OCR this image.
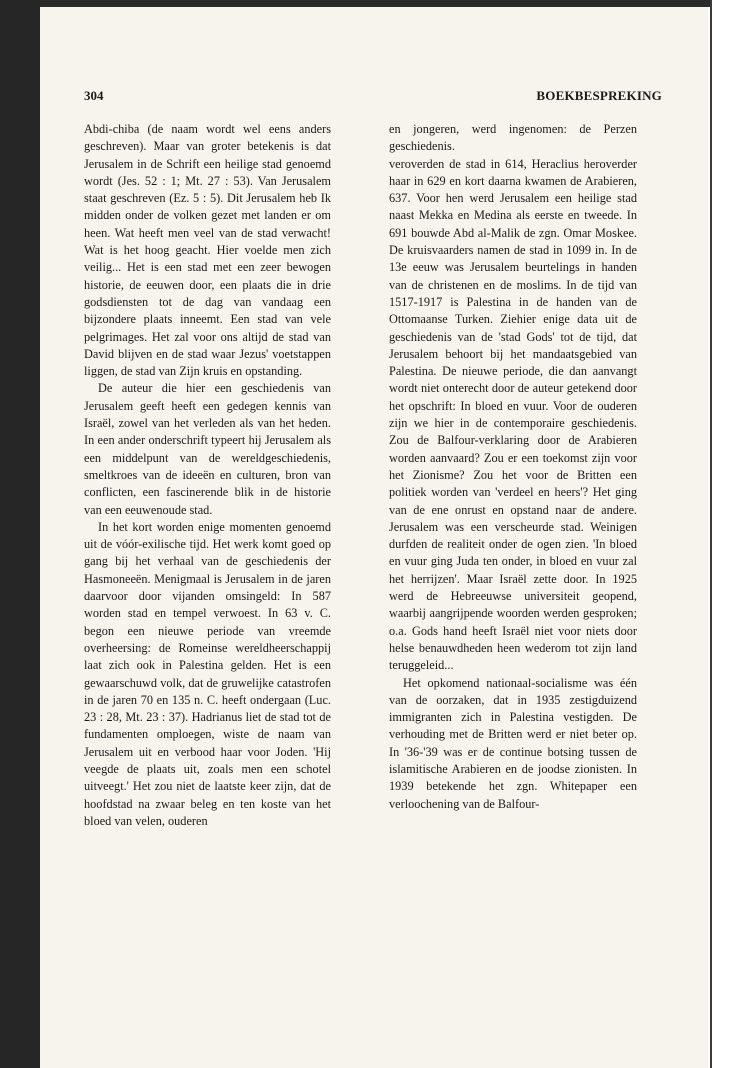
304	BOEKBESPREKING

Abdi-chiba (de naam wordt wel eens anders geschreven). Maar van groter betekenis is dat Jerusalem in de Schrift een heilige stad genoemd wordt (Jes. 52 : 1; Mt. 27 : 53). Van Jerusalem staat geschreven (Ez. 5 : 5). Dit Jerusalem heb Ik midden onder de volken gezet met landen er om heen. Wat heeft men veel van de stad verwacht! Wat is het hoog geacht. Hier voelde men zich veilig... Het is een stad met een zeer bewogen historie, de eeuwen door, een plaats die in drie godsdiensten tot de dag van vandaag een bijzondere plaats inneemt. Een stad van vele pelgrimages. Het zal voor ons altijd de stad van David blijven en de stad waar Jezus' voetstappen liggen, de stad van Zijn kruis en opstanding.

De auteur die hier een geschiedenis van Jerusalem geeft heeft een gedegen kennis van Israël, zowel van het verleden als van het heden. In een ander onderschrift typeert hij Jerusalem als een middelpunt van de wereldgeschiedenis, smeltkroes van de ideeën en culturen, bron van conflicten, een fascinerende blik in de historie van een eeuwenoude stad.

In het kort worden enige momenten genoemd uit de vóór-exilische tijd. Het werk komt goed op gang bij het verhaal van de geschiedenis der Hasmoneeën. Menigmaal is Jerusalem in de jaren daarvoor door vijanden omsingeld: In 587 worden stad en tempel verwoest. In 63 v. C. begon een nieuwe periode van vreemde overheersing: de Romeinse wereldheerschappij laat zich ook in Palestina gelden. Het is een gewaarschuwd volk, dat de gruwelijke catastrofen in de jaren 70 en 135 n. C. heeft ondergaan (Luc. 23 : 28, Mt. 23 : 37). Hadrianus liet de stad tot de fundamenten omploegen, wiste de naam van Jerusalem uit en verbood haar voor Joden. 'Hij veegde de plaats uit, zoals men een schotel uitveegt.' Het zou niet de laatste keer zijn, dat de hoofdstad na zwaar beleg en ten koste van het bloed van velen, ouderen

en jongeren, werd ingenomen: de Perzen geschiedenis.

veroverden de stad in 614, Heraclius heroverder haar in 629 en kort daarna kwamen de Arabieren, 637. Voor hen werd Jerusalem een heilige stad naast Mekka en Medina als eerste en tweede. In 691 bouwde Abd al-Malik de zgn. Omar Moskee. De kruisvaarders namen de stad in 1099 in. In de 13e eeuw was Jerusalem beurtelings in handen van de christenen en de moslims. In de tijd van 1517-1917 is Palestina in de handen van de Ottomaanse Turken. Ziehier enige data uit de geschiedenis van de 'stad Gods' tot de tijd, dat Jerusalem behoort bij het mandaatsgebied van Palestina. De nieuwe periode, die dan aanvangt wordt niet onterecht door de auteur getekend door het opschrift: In bloed en vuur. Voor de ouderen zijn we hier in de contemporaire geschiedenis. Zou de Balfour-verklaring door de Arabieren worden aanvaard? Zou er een toekomst zijn voor het Zionisme? Zou het voor de Britten een politiek worden van 'verdeel en heers'? Het ging van de ene onrust en opstand naar de andere. Jerusalem was een verscheurde stad. Weinigen durfden de realiteit onder de ogen zien. 'In bloed en vuur ging Juda ten onder, in bloed en vuur zal het herrijzen'. Maar Israël zette door. In 1925 werd de Hebreeuwse universiteit geopend, waarbij aangrijpende woorden werden gesproken; o.a. Gods hand heeft Israël niet voor niets door helse benauwdheden heen wederom tot zijn land teruggeleid...

Het opkomend nationaal-socialisme was één van de oorzaken, dat in 1935 zestigduizend immigranten zich in Palestina vestigden. De verhouding met de Britten werd er niet beter op. In '36-'39 was er de continue botsing tussen de islamitische Arabieren en de joodse zionisten. In 1939 betekende het zgn. Whitepaper een verloochening van de Balfour-
